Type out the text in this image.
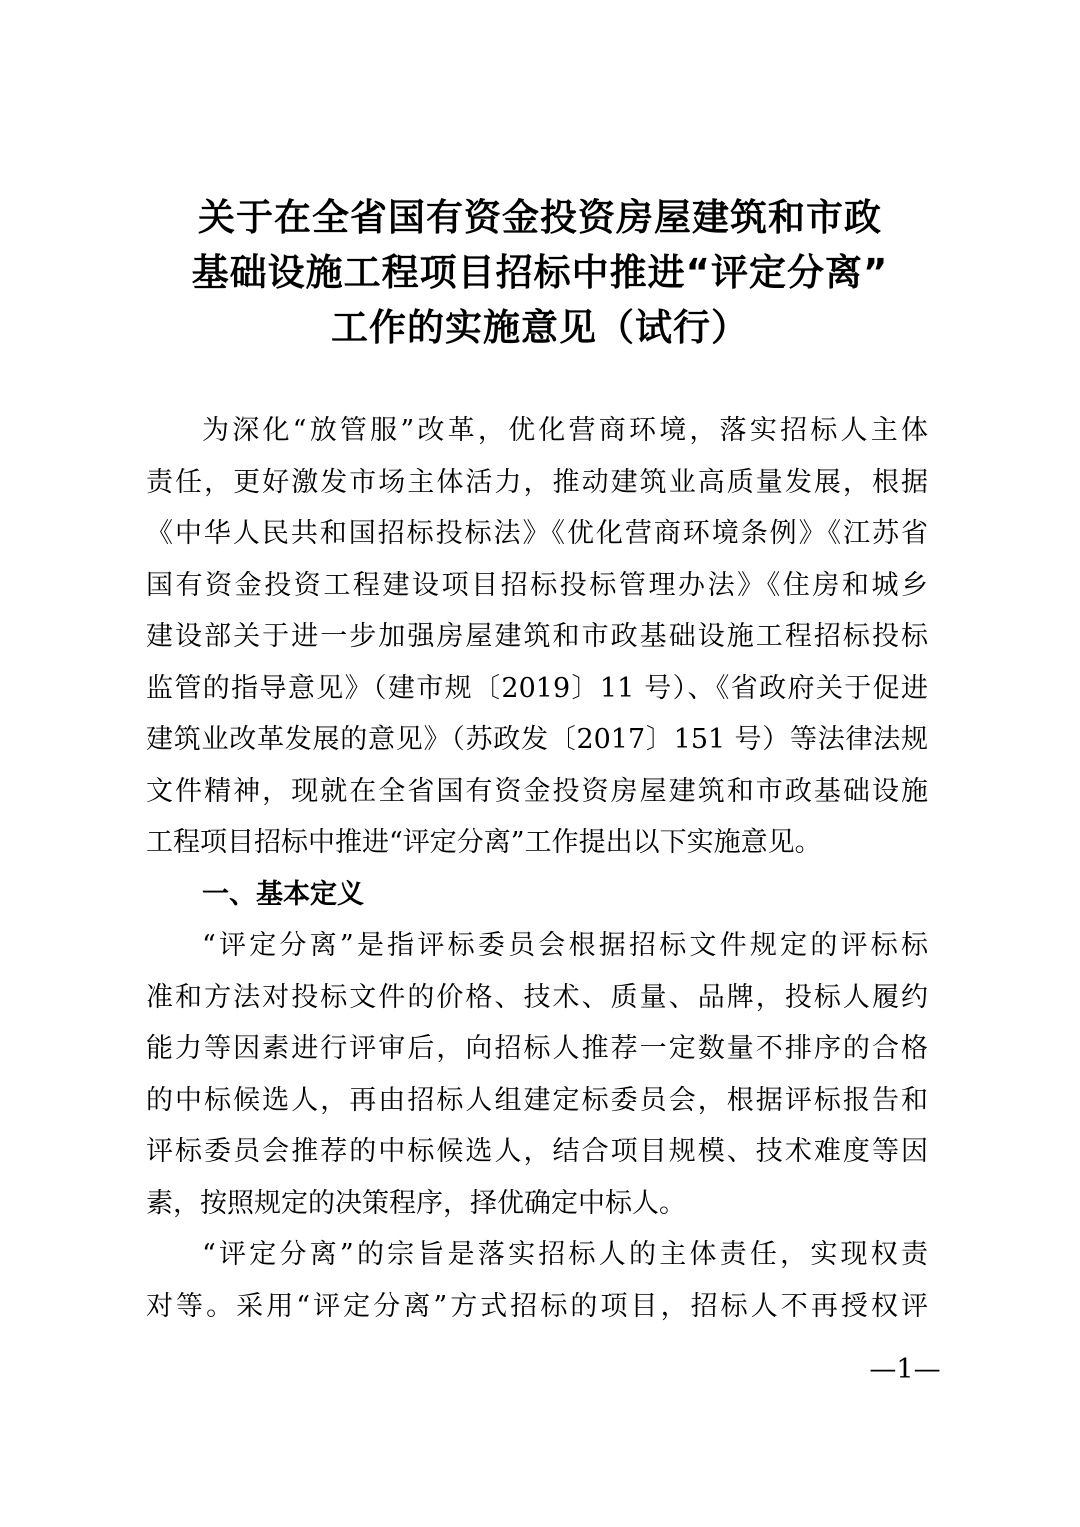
关于在全省国有资金投资房屋建筑和市政
基础设施工程项目招标中推进“评定分离”
工作的实施意见（试行）
为深化“放管服”改革，优化营商环境，落实招标人主体
责任，更好激发市场主体活力，推动建筑业高质量发展，根据
《中华人民共和国招标投标法》《优化营商环境条例》《江苏省
国有资金投资工程建设项目招标投标管理办法》《住房和城乡
建设部关于进一步加强房屋建筑和市政基础设施工程招标投标
监管的指导意见》（建市规〔2019〕11 号）、《省政府关于促进
建筑业改革发展的意见》（苏政发〔2017〕151 号）等法律法规
文件精神，现就在全省国有资金投资房屋建筑和市政基础设施
工程项目招标中推进“评定分离”工作提出以下实施意见。
一、基本定义
“评定分离”是指评标委员会根据招标文件规定的评标标
准和方法对投标文件的价格、技术、质量、品牌，投标人履约
能力等因素进行评审后，向招标人推荐一定数量不排序的合格
的中标候选人，再由招标人组建定标委员会，根据评标报告和
评标委员会推荐的中标候选人，结合项目规模、技术难度等因
素，按照规定的决策程序，择优确定中标人。
“评定分离”的宗旨是落实招标人的主体责任，实现权责
对等。采用“评定分离”方式招标的项目，招标人不再授权评
—1—
